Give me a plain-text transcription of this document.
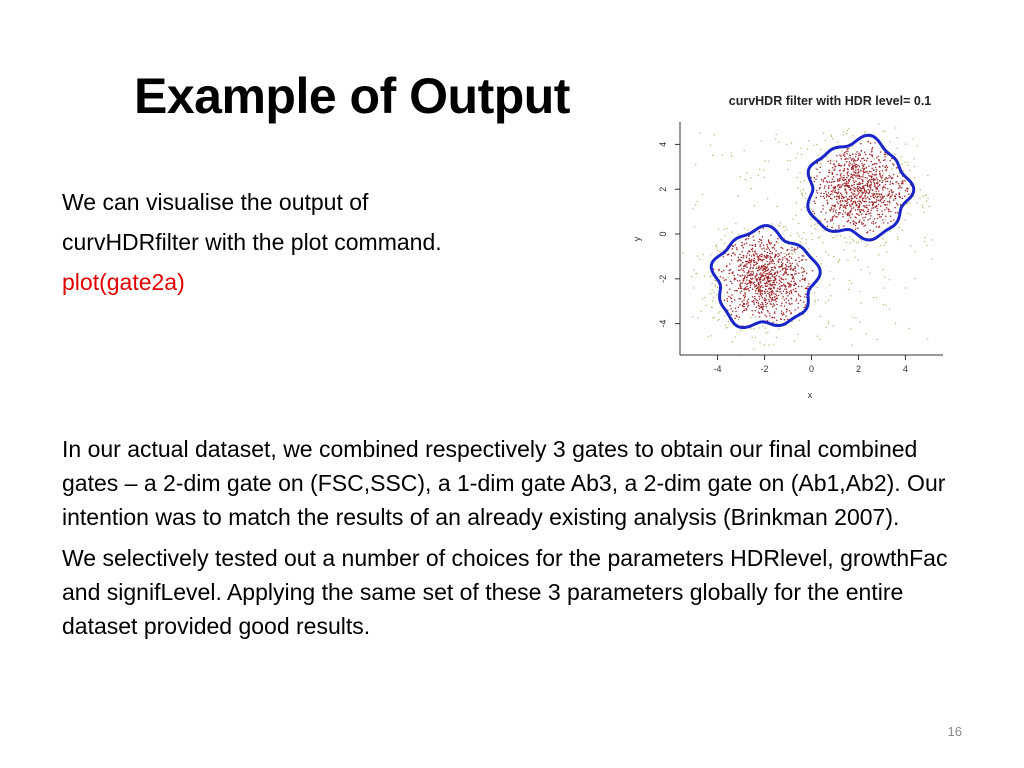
Example of Output

We can visualise the output of

curvHDRfilter with the plot command.

plot(gate2a)

curvHDR filter with HDR level= 0.1
x
y
-4	-2	0	2	4
-4
-2
0
2
4

In our actual dataset, we combined respectively 3 gates to obtain our final combined gates – a 2-dim gate on (FSC,SSC), a 1-dim gate Ab3, a 2-dim gate on (Ab1,Ab2). Our intention was to match the results of an already existing analysis (Brinkman 2007).

We selectively tested out a number of choices for the parameters HDRlevel, growthFac and signifLevel. Applying the same set of these 3 parameters globally for the entire dataset provided good results.

16
